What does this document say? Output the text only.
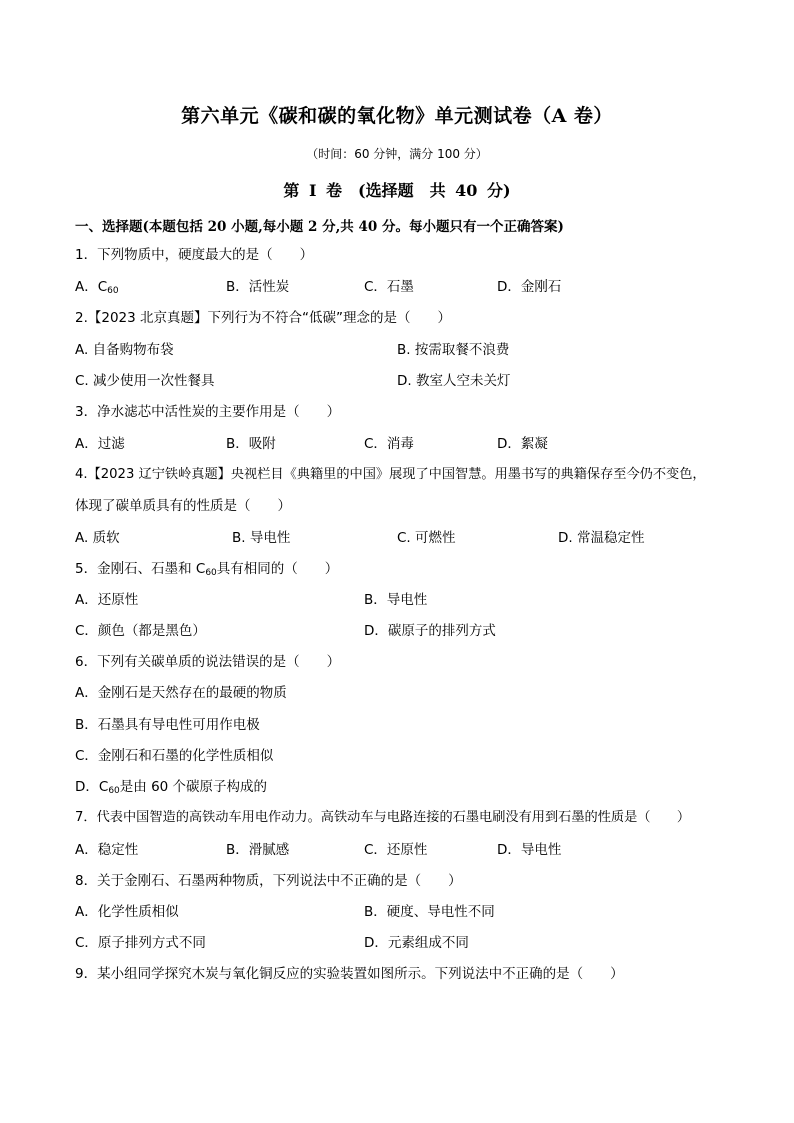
第六单元《碳和碳的氧化物》单元测试卷（A 卷）
（时间：60 分钟，满分 100 分）
第 I 卷　(选择题　共 40 分)
一、选择题(本题包括 20 小题,每小题 2 分,共 40 分。每小题只有一个正确答案)
1．下列物质中，硬度最大的是（　　）
A．$C_{60}$	B．活性炭	C．石墨	D．金刚石
2.【2023 北京真题】下列行为不符合“低碳”理念的是（　　）
A. 自备购物布袋	B. 按需取餐不浪费
C. 减少使用一次性餐具	D. 教室人空未关灯
3．净水滤芯中活性炭的主要作用是（　　）
A．过滤	B．吸附	C．消毒	D．絮凝
4.【2023 辽宁铁岭真题】央视栏目《典籍里的中国》展现了中国智慧。用墨书写的典籍保存至今仍不变色，
体现了碳单质具有的性质是（　　）
A. 质软	B. 导电性	C. 可燃性	D. 常温稳定性
5．金刚石、石墨和 $C_{60}$具有相同的（　　）
A．还原性	B．导电性
C．颜色（都是黑色）	D．碳原子的排列方式
6．下列有关碳单质的说法错误的是（　　）
A．金刚石是天然存在的最硬的物质
B．石墨具有导电性可用作电极
C．金刚石和石墨的化学性质相似
D．$C_{60}$是由 60 个碳原子构成的
7．代表中国智造的高铁动车用电作动力。高铁动车与电路连接的石墨电刷没有用到石墨的性质是（　　）
A．稳定性	B．滑腻感	C．还原性	D．导电性
8．关于金刚石、石墨两种物质，下列说法中不正确的是（　　）
A．化学性质相似	B．硬度、导电性不同
C．原子排列方式不同	D．元素组成不同
9．某小组同学探究木炭与氧化铜反应的实验装置如图所示。下列说法中不正确的是（　　）
